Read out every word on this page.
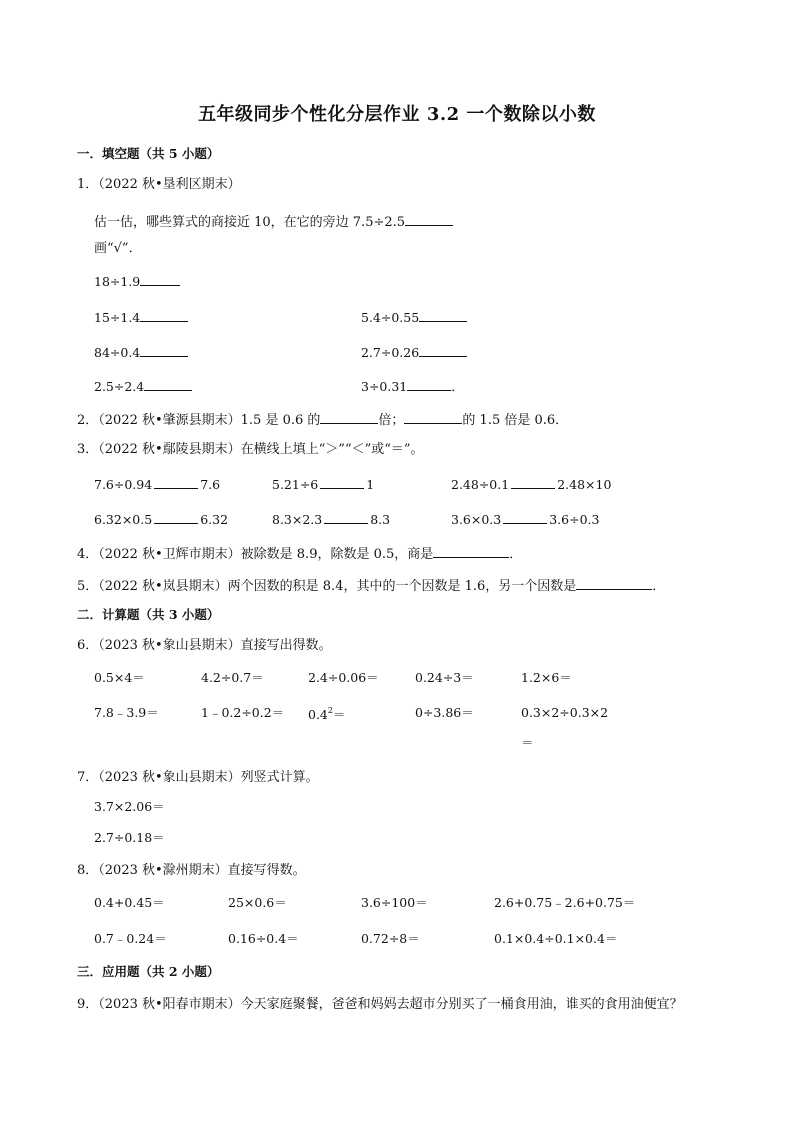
五年级同步个性化分层作业 3.2 一个数除以小数
一．填空题（共 5 小题）
1．（2022 秋•垦利区期末）
估一估，哪些算式的商接近 10，在它的旁边 7.5÷2.5
画“√”．
18÷1.9
15÷1.4	5.4÷0.55
84÷0.4	2.7÷0.26
2.5÷2.4	3÷0.31	．
2．（2022 秋•肇源县期末）1.5 是 0.6 的	倍；	的 1.5 倍是 0.6．
3．（2022 秋•鄢陵县期末）在横线上填上“＞”“＜”或“＝”。
7.6÷0.94	7.6	5.21÷6	1	2.48÷0.1	2.48×10
6.32×0.5	6.32	8.3×2.3	8.3	3.6×0.3	3.6÷0.3
4．（2022 秋•卫辉市期末）被除数是 8.9，除数是 0.5，商是	．
5．（2022 秋•岚县期末）两个因数的积是 8.4，其中的一个因数是 1.6，另一个因数是	．
二．计算题（共 3 小题）
6．（2023 秋•象山县期末）直接写出得数。
0.5×4＝	4.2÷0.7＝	2.4÷0.06＝	0.24÷3＝	1.2×6＝
7.8﹣3.9＝	1﹣0.2÷0.2＝ $0.4^2=$	0÷3.86＝	0.3×2÷0.3×2
＝
7．（2023 秋•象山县期末）列竖式计算。
3.7×2.06＝
2.7÷0.18＝
8．（2023 秋•滁州期末）直接写得数。
0.4+0.45＝	25×0.6＝	3.6÷100＝	2.6+0.75﹣2.6+0.75＝
0.7﹣0.24＝	0.16÷0.4＝	0.72÷8＝	0.1×0.4÷0.1×0.4＝
三．应用题（共 2 小题）
9．（2023 秋•阳春市期末）今天家庭聚餐，爸爸和妈妈去超市分别买了一桶食用油，谁买的食用油便宜？
